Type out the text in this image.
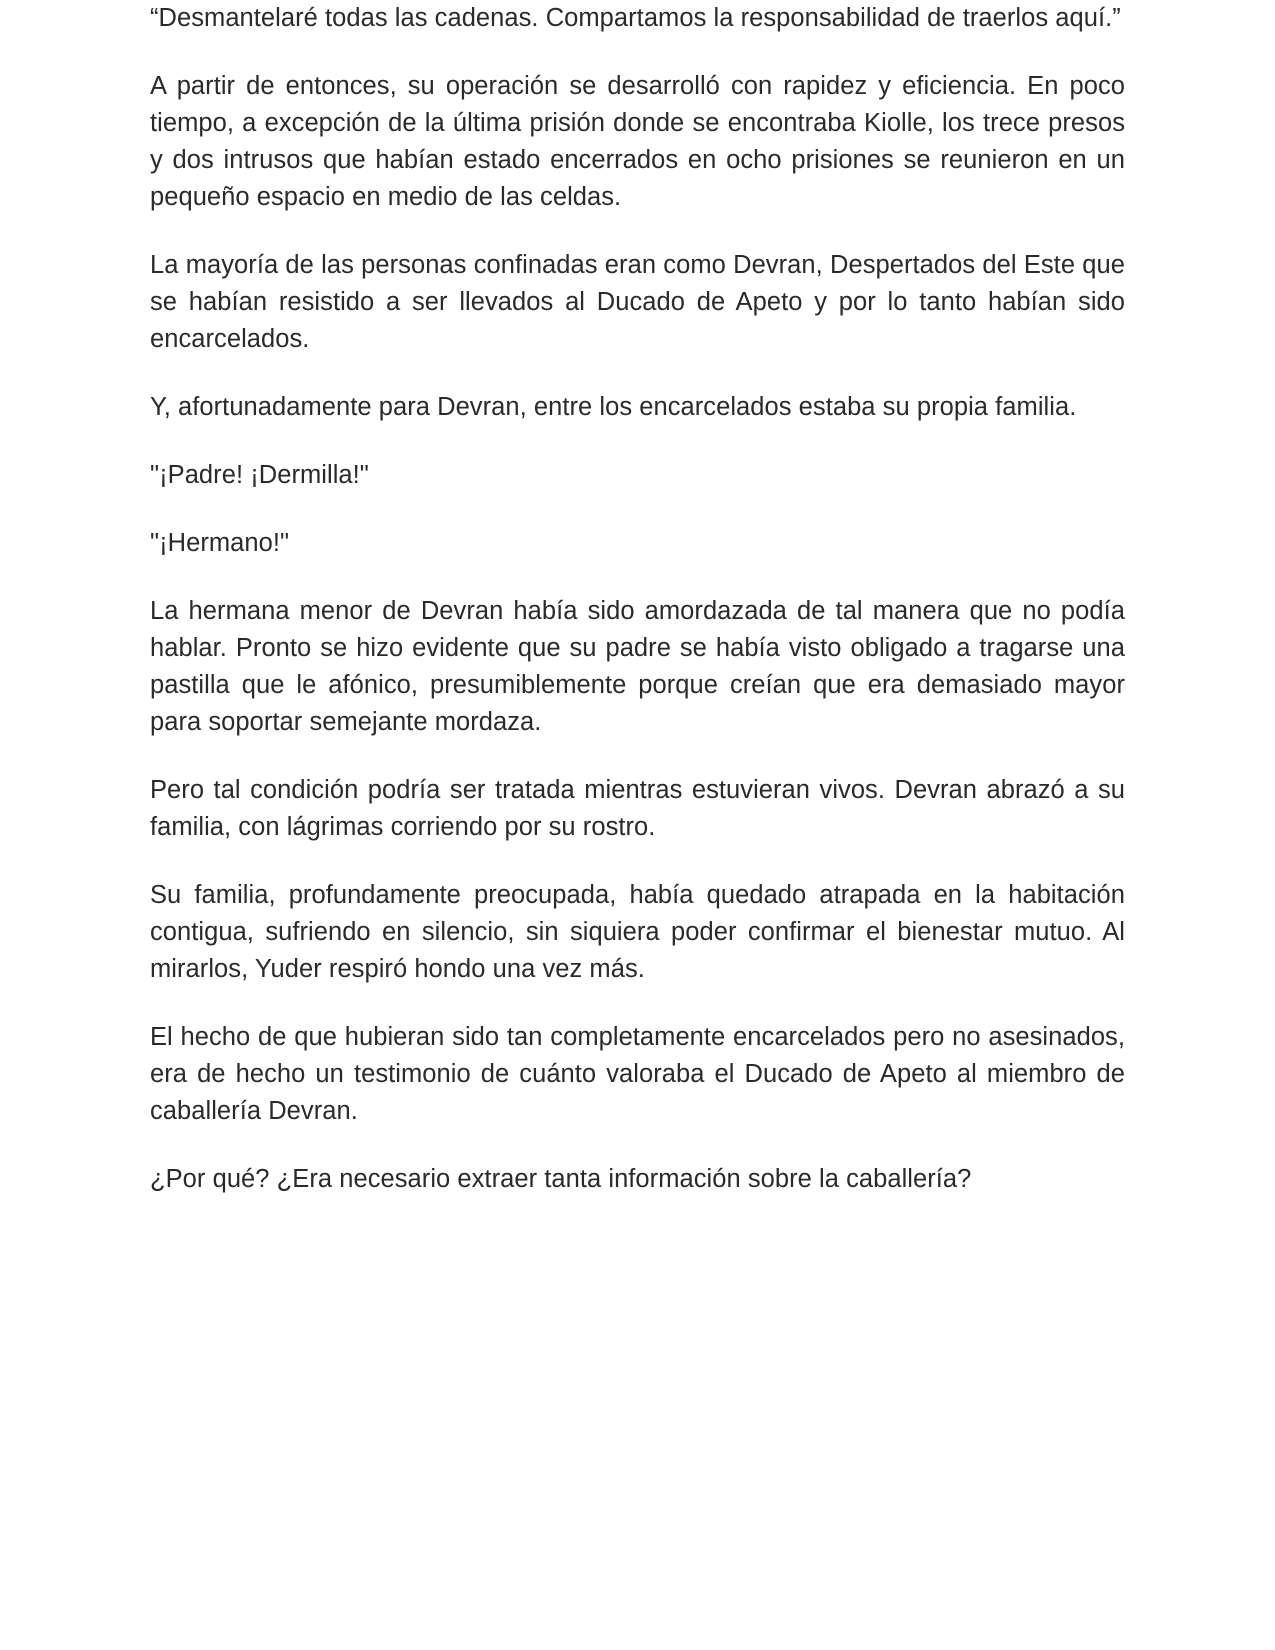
“Desmantelaré todas las cadenas. Compartamos la responsabilidad de traerlos aquí.”

A partir de entonces, su operación se desarrolló con rapidez y eficiencia. En poco tiempo, a excepción de la última prisión donde se encontraba Kiolle, los trece presos y dos intrusos que habían estado encerrados en ocho prisiones se reunieron en un pequeño espacio en medio de las celdas.

La mayoría de las personas confinadas eran como Devran, Despertados del Este que se habían resistido a ser llevados al Ducado de Apeto y por lo tanto habían sido encarcelados.

Y, afortunadamente para Devran, entre los encarcelados estaba su propia familia.

"¡Padre! ¡Dermilla!"

"¡Hermano!"

La hermana menor de Devran había sido amordazada de tal manera que no podía hablar. Pronto se hizo evidente que su padre se había visto obligado a tragarse una pastilla que le afónico, presumiblemente porque creían que era demasiado mayor para soportar semejante mordaza.

Pero tal condición podría ser tratada mientras estuvieran vivos. Devran abrazó a su familia, con lágrimas corriendo por su rostro.

Su familia, profundamente preocupada, había quedado atrapada en la habitación contigua, sufriendo en silencio, sin siquiera poder confirmar el bienestar mutuo. Al mirarlos, Yuder respiró hondo una vez más.

El hecho de que hubieran sido tan completamente encarcelados pero no asesinados, era de hecho un testimonio de cuánto valoraba el Ducado de Apeto al miembro de caballería Devran.

¿Por qué? ¿Era necesario extraer tanta información sobre la caballería?
